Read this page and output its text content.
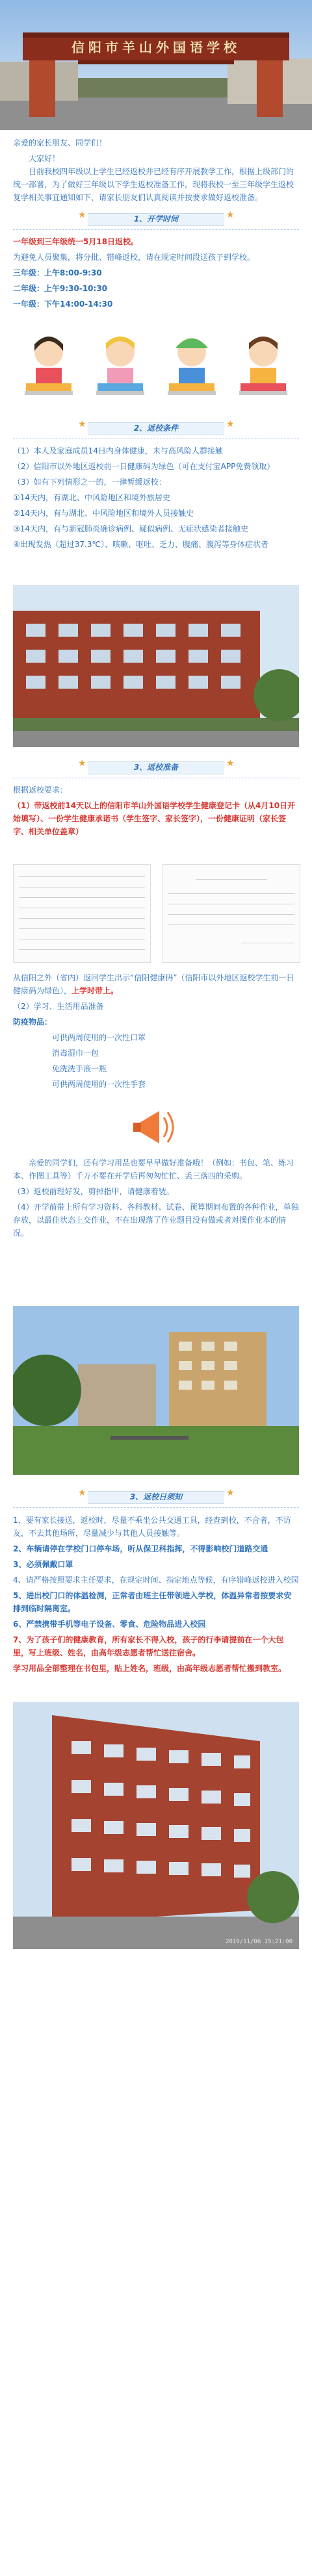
信阳市羊山外国语学校

亲爱的家长朋友、同学们！

大家好！

目前我校四年级以上学生已经返校并已经有序开展教学工作，根据上级部门的统一部署，为了做好三年级以下学生返校准备工作，现将我校一至三年级学生返校复学相关事宜通知如下，请家长朋友们认真阅读并按要求做好返校准备。

★	1、开学时间	★

一年级到三年级统一5月18日返校。

为避免人员聚集，将分批、错峰返校，请在规定时间段送孩子到学校。

三年级：上午8:00-9:30

二年级：上午9:30-10:30

一年级：下午14:00-14:30

★	2、返校条件	★

（1）本人及家庭成员14日内身体健康，未与高风险人群接触

（2）信阳市以外地区返校前一日健康码为绿色（可在支付宝APP免费领取）

（3）如有下列情形之一的，一律暂缓返校：

①14天内，有湖北、中风险地区和境外旅居史

②14天内，有与湖北、中风险地区和境外人员接触史

③14天内，有与新冠肺炎确诊病例、疑似病例、无症状感染者接触史

④出现发热（超过37.3℃）、咳嗽、呕吐、乏力、腹痛、腹泻等身体症状者

★	3、返校准备	★

根据返校要求：

（1）带返校前14天以上的信阳市羊山外国语学校学生健康登记卡（从4月10日开始填写）、一份学生健康承诺书（学生签字、家长签字），一份健康证明（家长签字、相关单位盖章）

从信阳之外（省内）返回学生出示“信阳健康码”（信阳市以外地区返校学生前一日健康码为绿色），上学时带上。

（2）学习、生活用品准备

防疫物品：

可供两周使用的一次性口罩

消毒湿巾一包

免洗洗手液一瓶

可供两周使用的一次性手套

亲爱的同学们，还有学习用品也要早早做好准备哦！（例如：书包、笔、练习本、作图工具等）千万不要在开学后再匆匆忙忙、丢三落四的采购。

（3）返校前理好发，剪掉指甲，请健康着装。

（4）开学前带上所有学习资料、各科教材、试卷、预算期间布置的各种作业，单独存放，以最佳状态上交作业，不在出现落了作业题目没有做或者对操作业本的情况。

★	3、返校日须知	★

1、要有家长接送，返校时，尽量不乘坐公共交通工具，经查到校，不合者，不访友，不去其他场所，尽量减少与其他人员接触等。

2、车辆请停在学校门口停车场，听从保卫科指挥，不得影响校门道路交通

3、必须佩戴口罩

4、请严格按照要求主任要求，在规定时间、指定地点等候，有序错峰返校进入校园

5、进出校门口的体温检测，正常者由班主任带领进入学校，体温异常者按要求安排到临时隔离室。

6、严禁携带手机等电子设备、零食、危险物品进入校园

7、为了孩子们的健康教育，所有家长不得入校，孩子的行李请提前在一个大包里，写上班级、姓名，由高年级志愿者帮忙送往宿舍。

学习用品全部整理在书包里，贴上姓名，班级，由高年级志愿者帮忙搬到教室。

2019/11/06 15:21:00
